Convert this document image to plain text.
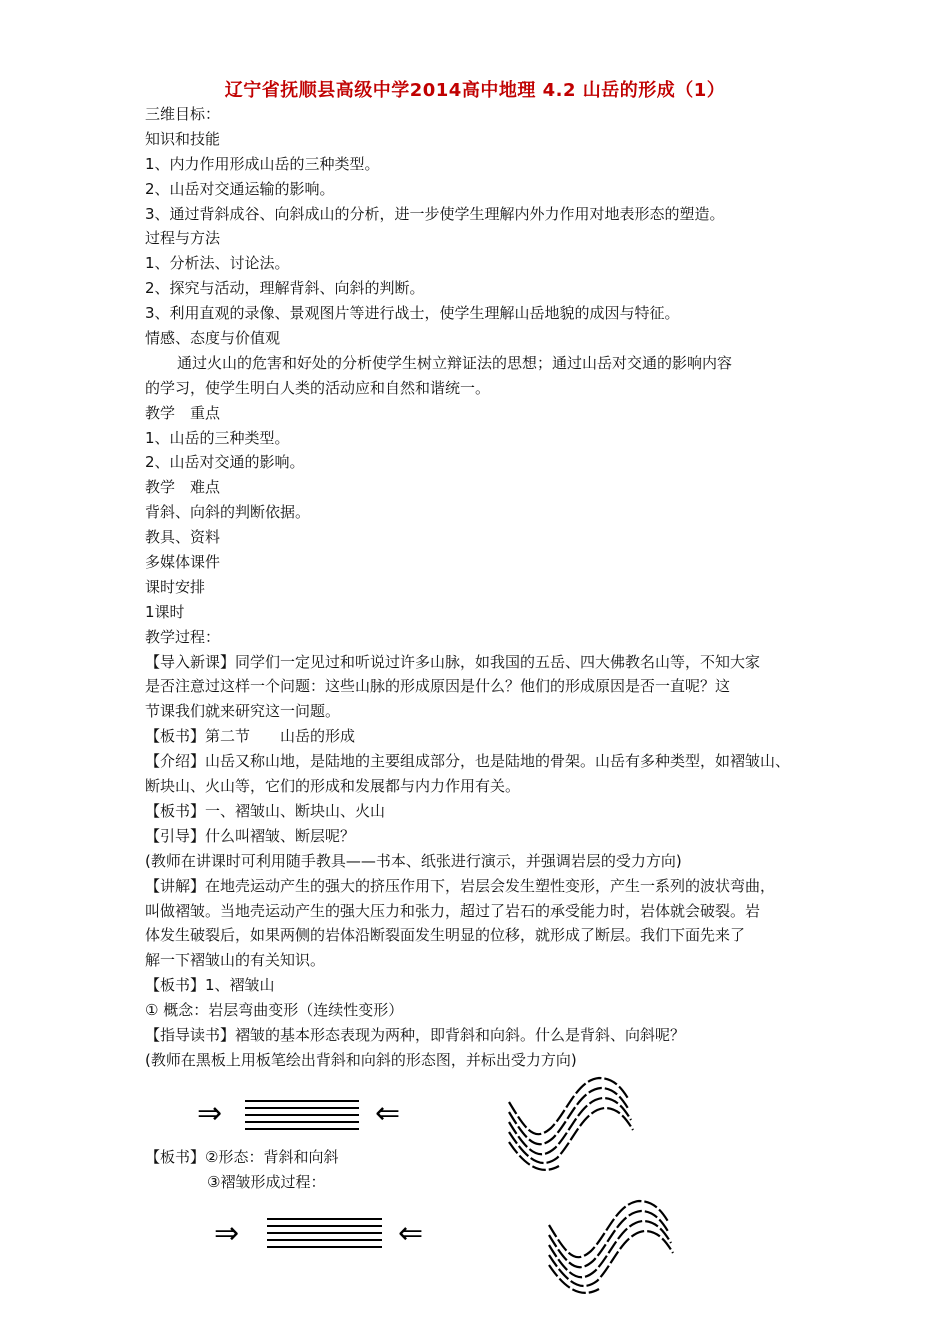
辽宁省抚顺县高级中学2014高中地理 4.2 山岳的形成（1）
三维目标：
知识和技能
1、内力作用形成山岳的三种类型。
2、山岳对交通运输的影响。
3、通过背斜成谷、向斜成山的分析，进一步使学生理解内外力作用对地表形态的塑造。
过程与方法
1、分析法、讨论法。
2、探究与活动，理解背斜、向斜的判断。
3、利用直观的录像、景观图片等进行战士，使学生理解山岳地貌的成因与特征。
情感、态度与价值观
通过火山的危害和好处的分析使学生树立辩证法的思想；通过山岳对交通的影响内容
的学习，使学生明白人类的活动应和自然和谐统一。
教学　重点
1、山岳的三种类型。
2、山岳对交通的影响。
教学　难点
背斜、向斜的判断依据。
教具、资料
多媒体课件
课时安排
1课时
教学过程：
【导入新课】同学们一定见过和听说过许多山脉，如我国的五岳、四大佛教名山等，不知大家
是否注意过这样一个问题：这些山脉的形成原因是什么？他们的形成原因是否一直呢？这
节课我们就来研究这一问题。
【板书】第二节　　山岳的形成
【介绍】山岳又称山地，是陆地的主要组成部分，也是陆地的骨架。山岳有多种类型，如褶皱山、
断块山、火山等，它们的形成和发展都与内力作用有关。
【板书】一、褶皱山、断块山、火山
【引导】什么叫褶皱、断层呢？
(教师在讲课时可利用随手教具——书本、纸张进行演示，并强调岩层的受力方向)
【讲解】在地壳运动产生的强大的挤压作用下，岩层会发生塑性变形，产生一系列的波状弯曲，
叫做褶皱。当地壳运动产生的强大压力和张力，超过了岩石的承受能力时，岩体就会破裂。岩
体发生破裂后，如果两侧的岩体沿断裂面发生明显的位移，就形成了断层。我们下面先来了
解一下褶皱山的有关知识。
【板书】1、褶皱山
① 概念：岩层弯曲变形（连续性变形）
【指导读书】褶皱的基本形态表现为两种，即背斜和向斜。什么是背斜、向斜呢？
(教师在黑板上用板笔绘出背斜和向斜的形态图，并标出受力方向)
⇒	⇐
【板书】②形态：背斜和向斜
③褶皱形成过程：
⇒	⇐
